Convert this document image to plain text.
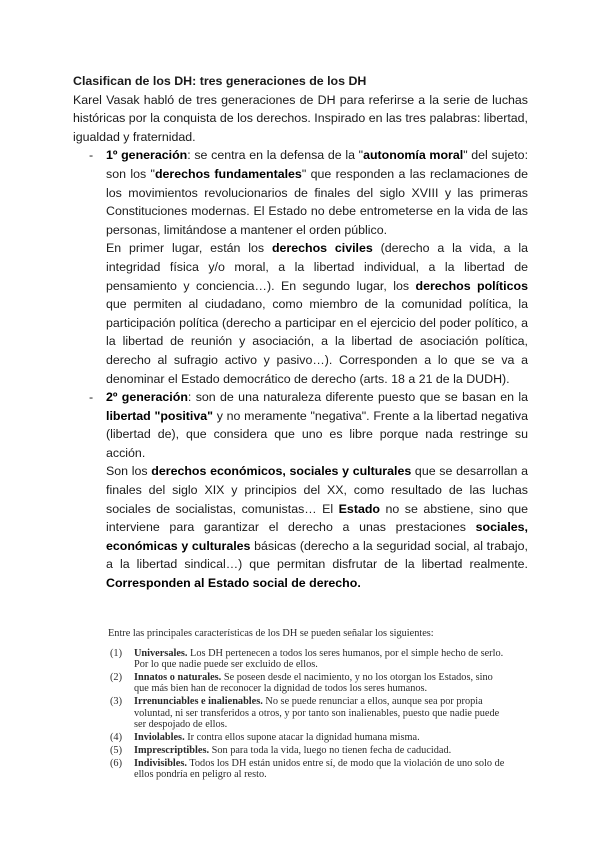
Clasifican de los DH: tres generaciones de los DH
Karel Vasak habló de tres generaciones de DH para referirse a la serie de luchas históricas por la conquista de los derechos. Inspirado en las tres palabras: libertad, igualdad y fraternidad.
- 1º generación: se centra en la defensa de la "autonomía moral" del sujeto: son los "derechos fundamentales" que responden a las reclamaciones de los movimientos revolucionarios de finales del siglo XVIII y las primeras Constituciones modernas. El Estado no debe entrometerse en la vida de las personas, limitándose a mantener el orden público.
En primer lugar, están los derechos civiles (derecho a la vida, a la integridad física y/o moral, a la libertad individual, a la libertad de pensamiento y conciencia…). En segundo lugar, los derechos políticos que permiten al ciudadano, como miembro de la comunidad política, la participación política (derecho a participar en el ejercicio del poder político, a la libertad de reunión y asociación, a la libertad de asociación política, derecho al sufragio activo y pasivo…). Corresponden a lo que se va a denominar el Estado democrático de derecho (arts. 18 a 21 de la DUDH).
- 2º generación: son de una naturaleza diferente puesto que se basan en la libertad "positiva" y no meramente "negativa". Frente a la libertad negativa (libertad de), que considera que uno es libre porque nada restringe su acción.
Son los derechos económicos, sociales y culturales que se desarrollan a finales del siglo XIX y principios del XX, como resultado de las luchas sociales de socialistas, comunistas… El Estado no se abstiene, sino que interviene para garantizar el derecho a unas prestaciones sociales, económicas y culturales básicas (derecho a la seguridad social, al trabajo, a la libertad sindical…) que permitan disfrutar de la libertad realmente. Corresponden al Estado social de derecho.
Entre las principales características de los DH se pueden señalar los siguientes:
(1) Universales. Los DH pertenecen a todos los seres humanos, por el simple hecho de serlo. Por lo que nadie puede ser excluido de ellos.
(2) Innatos o naturales. Se poseen desde el nacimiento, y no los otorgan los Estados, sino que más bien han de reconocer la dignidad de todos los seres humanos.
(3) Irrenunciables e inalienables. No se puede renunciar a ellos, aunque sea por propia voluntad, ni ser transferidos a otros, y por tanto son inalienables, puesto que nadie puede ser despojado de ellos.
(4) Inviolables. Ir contra ellos supone atacar la dignidad humana misma.
(5) Imprescriptibles. Son para toda la vida, luego no tienen fecha de caducidad.
(6) Indivisibles. Todos los DH están unidos entre sí, de modo que la violación de uno solo de ellos pondría en peligro al resto.
